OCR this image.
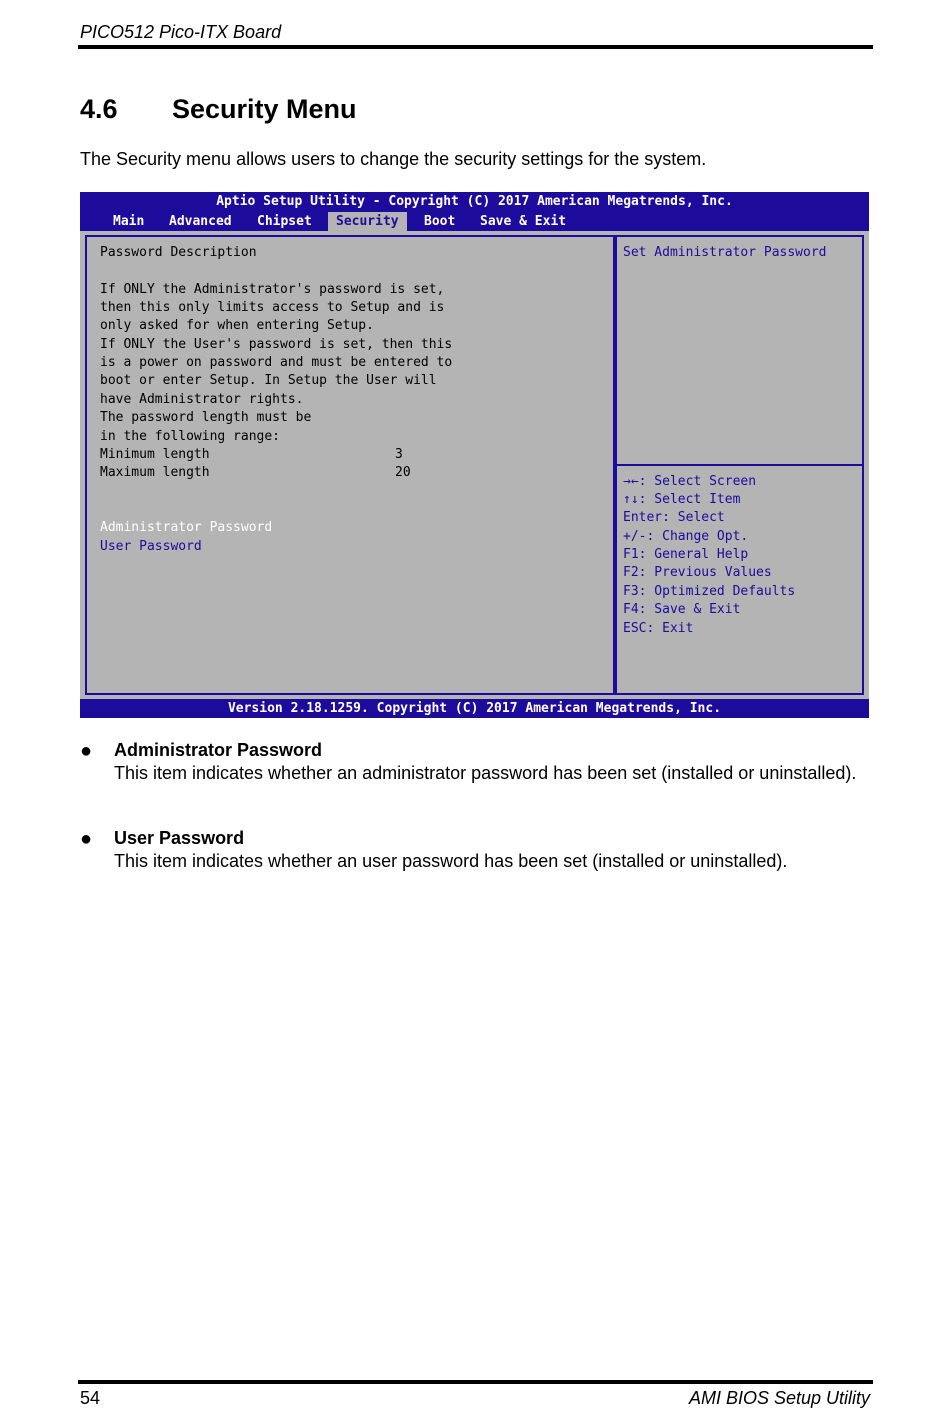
PICO512 Pico-ITX Board
4.6 Security Menu
The Security menu allows users to change the security settings for the system.
Aptio Setup Utility - Copyright (C) 2017 American Megatrends, Inc.
Main Advanced Chipset	Security	Boot Save & Exit
Password Description
If ONLY the Administrator's password is set,
then this only limits access to Setup and is
only asked for when entering Setup.
If ONLY the User's password is set, then this
is a power on password and must be entered to
boot or enter Setup. In Setup the User will
have Administrator rights.
The password length must be
in the following range:
Minimum length	3
Maximum length	20
Administrator Password
User Password
Set Administrator Password
→←: Select Screen
↑↓: Select Item
Enter: Select
+/-: Change Opt.
F1: General Help
F2: Previous Values
F3: Optimized Defaults
F4: Save & Exit
ESC: Exit
Version 2.18.1259. Copyright (C) 2017 American Megatrends, Inc.
● Administrator Password
This item indicates whether an administrator password has been set (installed or uninstalled).
● User Password
This item indicates whether an user password has been set (installed or uninstalled).
54	AMI BIOS Setup Utility
